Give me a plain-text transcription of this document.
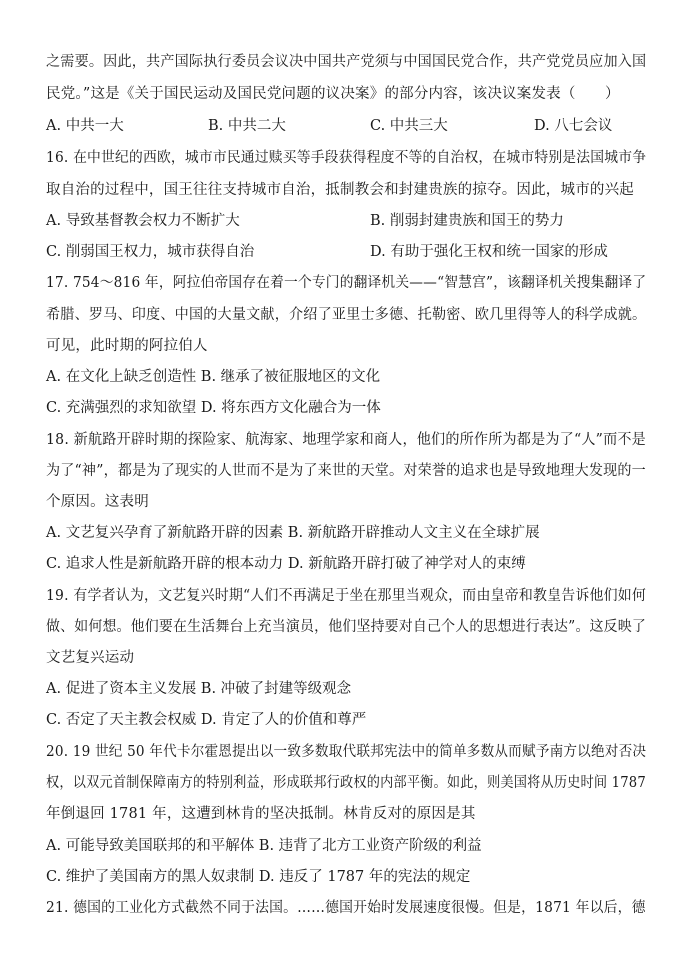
之需要。因此，共产国际执行委员会议决中国共产党须与中国国民党合作，共产党党员应加入国
民党。”这是《关于国民运动及国民党问题的议决案》的部分内容，该决议案发表（　　）
A. 中共一大	B. 中共二大	C. 中共三大	D. 八七会议
16. 在中世纪的西欧，城市市民通过赎买等手段获得程度不等的自治权，在城市特别是法国城市争
取自治的过程中，国王往往支持城市自治，抵制教会和封建贵族的掠夺。因此，城市的兴起
A. 导致基督教会权力不断扩大	B. 削弱封建贵族和国王的势力
C. 削弱国王权力，城市获得自治	D. 有助于强化王权和统一国家的形成
17. 754～816 年，阿拉伯帝国存在着一个专门的翻译机关——“智慧宫”，该翻译机关搜集翻译了
希腊、罗马、印度、中国的大量文献，介绍了亚里士多德、托勒密、欧几里得等人的科学成就。
可见，此时期的阿拉伯人
A. 在文化上缺乏创造性 B. 继承了被征服地区的文化
C. 充满强烈的求知欲望 D. 将东西方文化融合为一体
18. 新航路开辟时期的探险家、航海家、地理学家和商人，他们的所作所为都是为了“人”而不是
为了“神”，都是为了现实的人世而不是为了来世的天堂。对荣誉的追求也是导致地理大发现的一
个原因。这表明
A. 文艺复兴孕育了新航路开辟的因素 B. 新航路开辟推动人文主义在全球扩展
C. 追求人性是新航路开辟的根本动力 D. 新航路开辟打破了神学对人的束缚
19. 有学者认为，文艺复兴时期“人们不再满足于坐在那里当观众，而由皇帝和教皇告诉他们如何
做、如何想。他们要在生活舞台上充当演员，他们坚持要对自己个人的思想进行表达”。这反映了
文艺复兴运动
A. 促进了资本主义发展 B. 冲破了封建等级观念
C. 否定了天主教会权威 D. 肯定了人的价值和尊严
20. 19 世纪 50 年代卡尔霍恩提出以一致多数取代联邦宪法中的简单多数从而赋予南方以绝对否决
权，以双元首制保障南方的特别利益，形成联邦行政权的内部平衡。如此，则美国将从历史时间 1787
年倒退回 1781 年，这遭到林肯的坚决抵制。林肯反对的原因是其
A. 可能导致美国联邦的和平解体 B. 违背了北方工业资产阶级的利益
C. 维护了美国南方的黑人奴隶制 D. 违反了 1787 年的宪法的规定
21. 德国的工业化方式截然不同于法国。……德国开始时发展速度很慢。但是，1871 年以后，德
